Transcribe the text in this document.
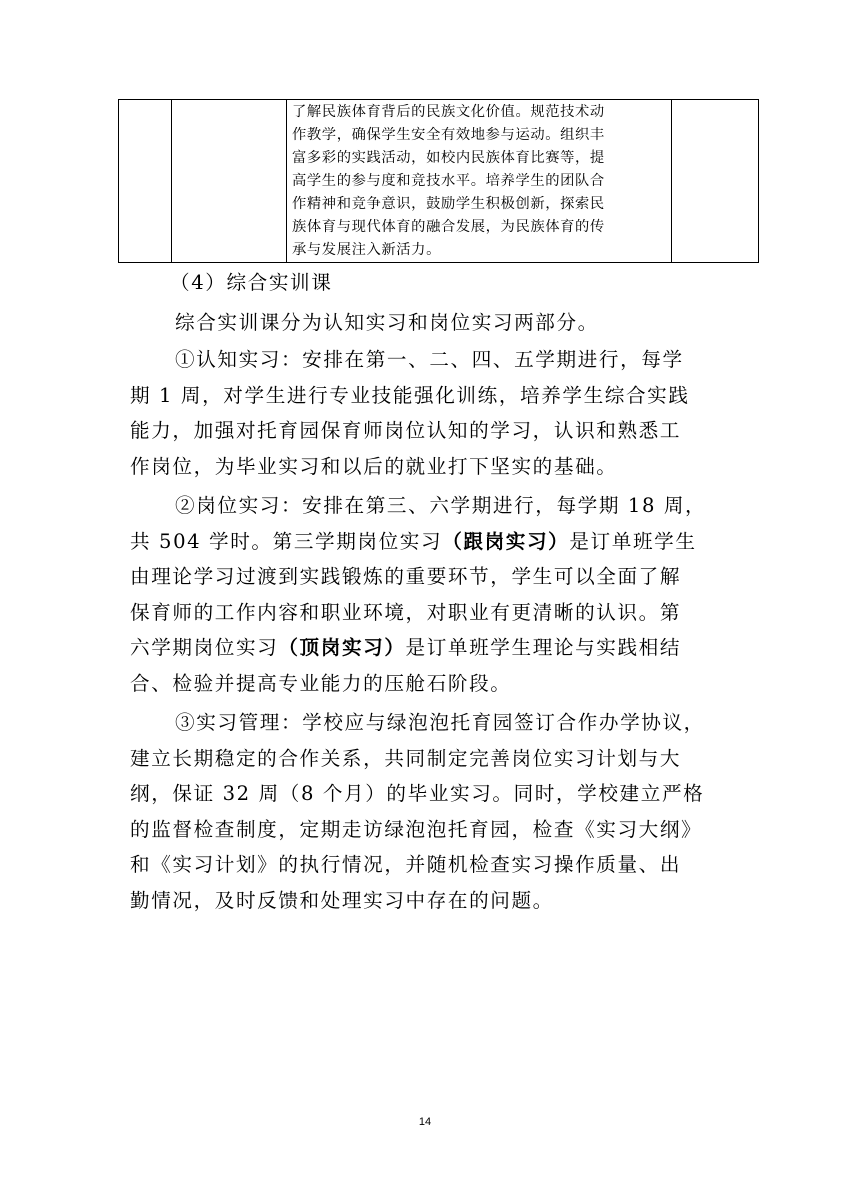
了解民族体育背后的民族文化价值。规范技术动
作教学，确保学生安全有效地参与运动。组织丰
富多彩的实践活动，如校内民族体育比赛等，提
高学生的参与度和竞技水平。培养学生的团队合
作精神和竞争意识，鼓励学生积极创新，探索民
族体育与现代体育的融合发展，为民族体育的传
承与发展注入新活力。

（4）综合实训课
综合实训课分为认知实习和岗位实习两部分。
①认知实习：安排在第一、二、四、五学期进行，每学
期 1 周，对学生进行专业技能强化训练，培养学生综合实践
能力，加强对托育园保育师岗位认知的学习，认识和熟悉工
作岗位，为毕业实习和以后的就业打下坚实的基础。
②岗位实习：安排在第三、六学期进行，每学期 18 周，
共 504 学时。第三学期岗位实习（跟岗实习）是订单班学生
由理论学习过渡到实践锻炼的重要环节，学生可以全面了解
保育师的工作内容和职业环境，对职业有更清晰的认识。第
六学期岗位实习（顶岗实习）是订单班学生理论与实践相结
合、检验并提高专业能力的压舱石阶段。
③实习管理：学校应与绿泡泡托育园签订合作办学协议，
建立长期稳定的合作关系，共同制定完善岗位实习计划与大
纲，保证 32 周（8 个月）的毕业实习。同时，学校建立严格
的监督检查制度，定期走访绿泡泡托育园，检查《实习大纲》
和《实习计划》的执行情况，并随机检查实习操作质量、出
勤情况，及时反馈和处理实习中存在的问题。
14
